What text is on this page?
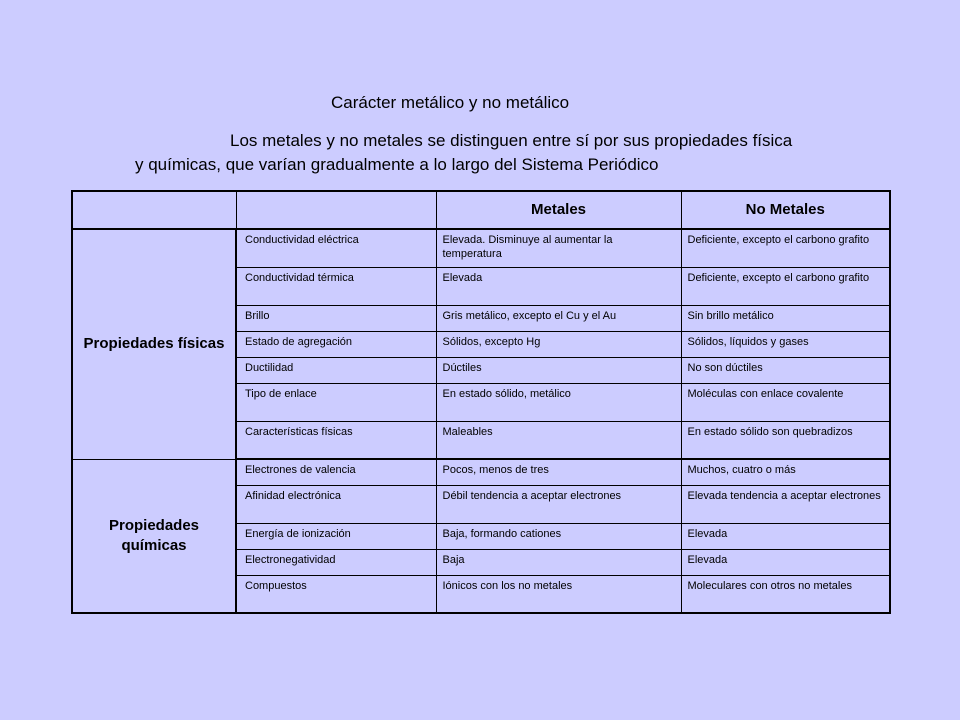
Carácter metálico y no metálico
Los metales y no metales se distinguen entre sí por sus propiedades física
y químicas, que varían gradualmente a lo largo del Sistema Periódico
		Metales	No Metales
Propiedades físicas	Conductividad eléctrica	Elevada. Disminuye al aumentar la temperatura	Deficiente, excepto el carbono grafito
	Conductividad térmica	Elevada	Deficiente, excepto el carbono grafito
	Brillo	Gris metálico, excepto el Cu y el Au	Sin brillo metálico
	Estado de agregación	Sólidos, excepto Hg	Sólidos, líquidos y gases
	Ductilidad	Dúctiles	No son dúctiles
	Tipo de enlace	En estado sólido, metálico	Moléculas con enlace covalente
	Características físicas	Maleables	En estado sólido son quebradizos
Propiedades químicas	Electrones de valencia	Pocos, menos de tres	Muchos, cuatro o más
	Afinidad electrónica	Débil tendencia a aceptar electrones	Elevada tendencia a aceptar electrones
	Energía de ionización	Baja, formando cationes	Elevada
	Electronegatividad	Baja	Elevada
	Compuestos	Iónicos con los no metales	Moleculares con otros no metales
